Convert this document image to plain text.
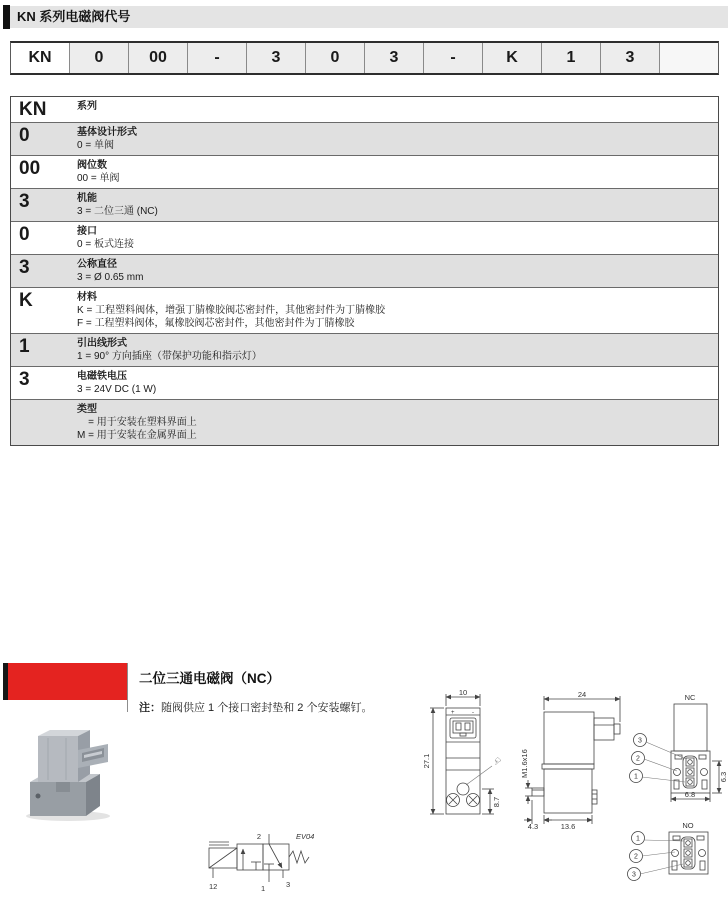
KN 系列电磁阀代号
KN	0	00	-	3	0	3	-	K	1	3
KN	系列
0	基体设计形式
0 = 单阀
00	阀位数
00 = 单阀
3	机能
3 = 二位三通 (NC)
0	接口
0 = 板式连接
3	公称直径
3 = Ø 0.65 mm
K	材料
K = 工程塑料阀体，增强丁腈橡胶阀芯密封件，其他密封件为丁腈橡胶
F = 工程塑料阀体，氟橡胶阀芯密封件，其他密封件为丁腈橡胶
1	引出线形式
1 = 90° 方向插座（带保护功能和指示灯）
3	电磁铁电压
3 = 24V DC (1 W)
类型
= 用于安装在塑料界面上
M = 用于安装在金属界面上
二位三通电磁阀（NC）
注：随阀供应 1 个接口密封垫和 2 个安装螺钉。
2	EV04
12	1	3
10
27.1
+	-
☞
8.7
24
M1.6x16
4.3	13.6
NC
3
2
1
6.8
6.3
NO
1
2
3
